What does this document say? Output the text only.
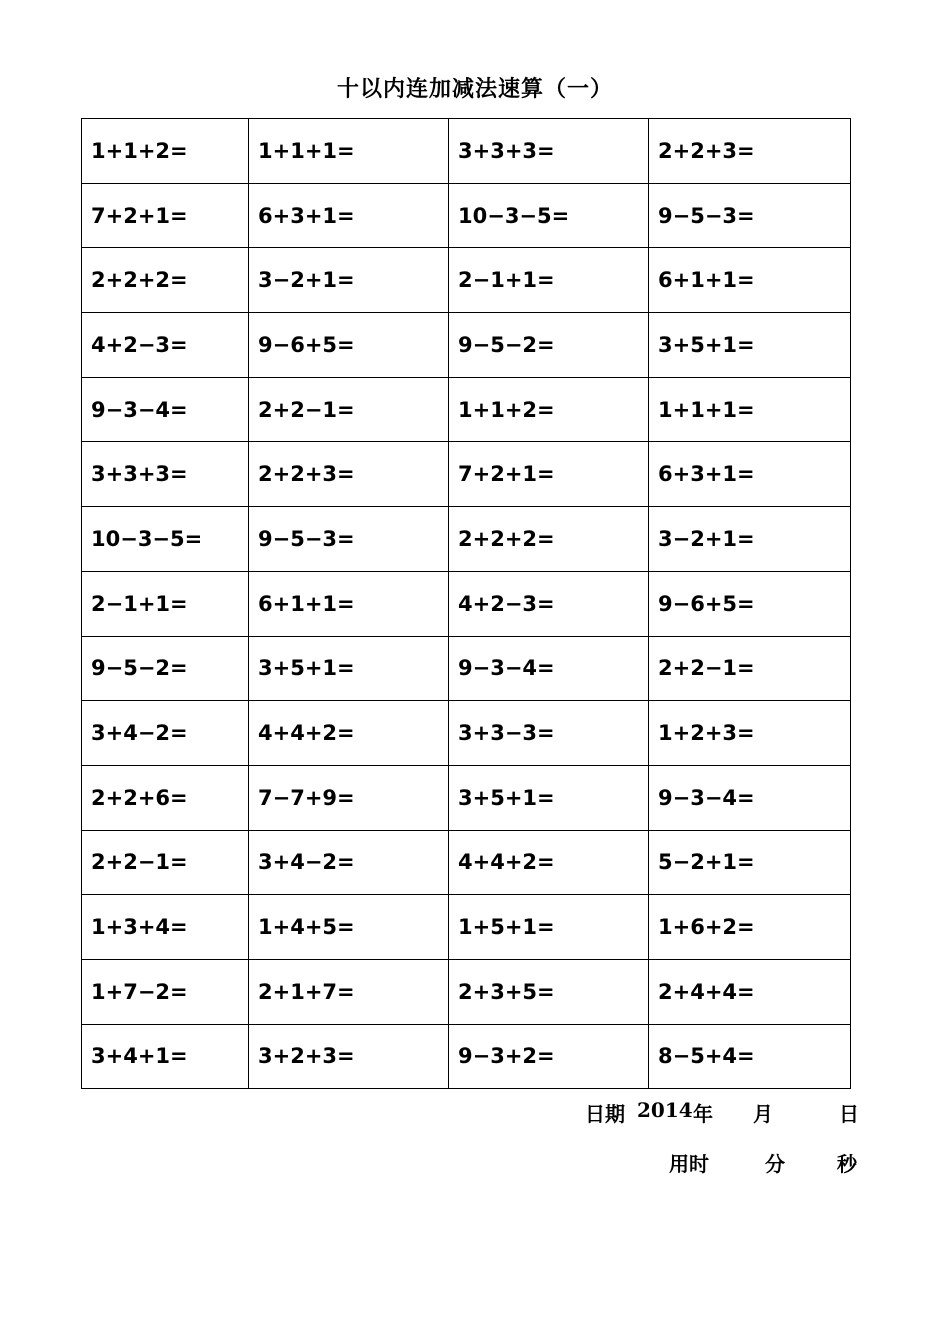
十以内连加减法速算（一）
1+1+2=	1+1+1=	3+3+3=	2+2+3=
7+2+1=	6+3+1=	10−3−5=	9−5−3=
2+2+2=	3−2+1=	2−1+1=	6+1+1=
4+2−3=	9−6+5=	9−5−2=	3+5+1=
9−3−4=	2+2−1=	1+1+2=	1+1+1=
3+3+3=	2+2+3=	7+2+1=	6+3+1=
10−3−5=	9−5−3=	2+2+2=	3−2+1=
2−1+1=	6+1+1=	4+2−3=	9−6+5=
9−5−2=	3+5+1=	9−3−4=	2+2−1=
3+4−2=	4+4+2=	3+3−3=	1+2+3=
2+2+6=	7−7+9=	3+5+1=	9−3−4=
2+2−1=	3+4−2=	4+4+2=	5−2+1=
1+3+4=	1+4+5=	1+5+1=	1+6+2=
1+7−2=	2+1+7=	2+3+5=	2+4+4=
3+4+1=	3+2+3=	9−3+2=	8−5+4=
日期 2014 年 月	日
用时	分	秒
